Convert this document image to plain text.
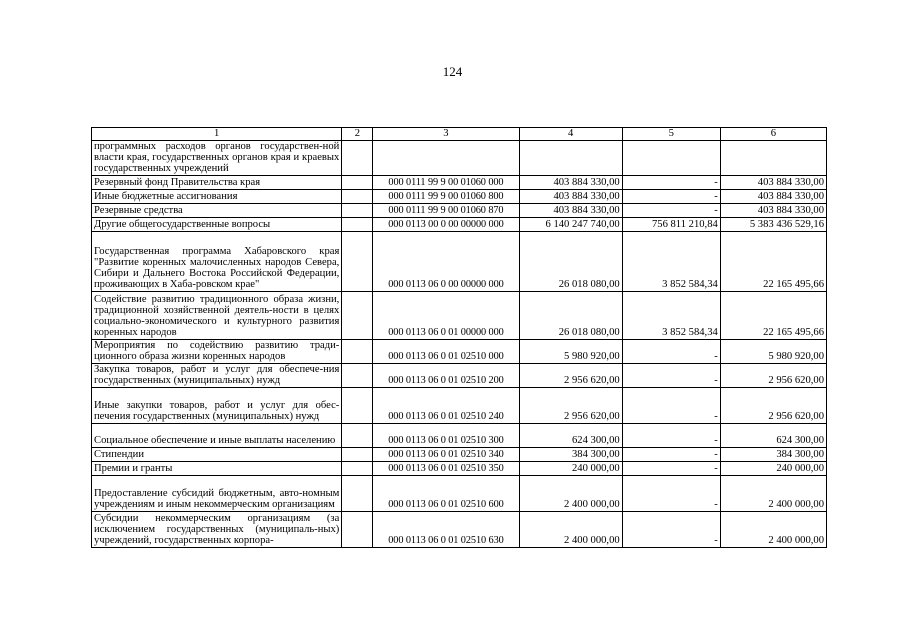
124
1	2	3	4	5	6
программных расходов органов государствен-ной власти края, государственных органов края и краевых государственных учреждений					
Резервный фонд Правительства края		000 0111 99 9 00 01060 000	403 884 330,00	-	403 884 330,00
Иные бюджетные ассигнования		000 0111 99 9 00 01060 800	403 884 330,00	-	403 884 330,00
Резервные средства		000 0111 99 9 00 01060 870	403 884 330,00	-	403 884 330,00
Другие общегосударственные вопросы		000 0113 00 0 00 00000 000	6 140 247 740,00	756 811 210,84	5 383 436 529,16
Государственная программа Хабаровского края "Развитие коренных малочисленных народов Севера, Сибири и Дальнего Востока Российской Федерации, проживающих в Хаба-ровском крае"		000 0113 06 0 00 00000 000	26 018 080,00	3 852 584,34	22 165 495,66
Содействие развитию традиционного образа жизни, традиционной хозяйственной деятель-ности в целях социально-экономического и культурного развития коренных народов		000 0113 06 0 01 00000 000	26 018 080,00	3 852 584,34	22 165 495,66
Мероприятия по содействию развитию тради-ционного образа жизни коренных народов		000 0113 06 0 01 02510 000	5 980 920,00	-	5 980 920,00
Закупка товаров, работ и услуг для обеспече-ния государственных (муниципальных) нужд		000 0113 06 0 01 02510 200	2 956 620,00	-	2 956 620,00
Иные закупки товаров, работ и услуг для обес-печения государственных (муниципальных) нужд		000 0113 06 0 01 02510 240	2 956 620,00	-	2 956 620,00
Социальное обеспечение и иные выплаты населению		000 0113 06 0 01 02510 300	624 300,00	-	624 300,00
Стипендии		000 0113 06 0 01 02510 340	384 300,00	-	384 300,00
Премии и гранты		000 0113 06 0 01 02510 350	240 000,00	-	240 000,00
Предоставление субсидий бюджетным, авто-номным учреждениям и иным некоммерческим организациям		000 0113 06 0 01 02510 600	2 400 000,00	-	2 400 000,00
Субсидии некоммерческим организациям (за исключением государственных (муниципаль-ных) учреждений, государственных корпора-		000 0113 06 0 01 02510 630	2 400 000,00	-	2 400 000,00
